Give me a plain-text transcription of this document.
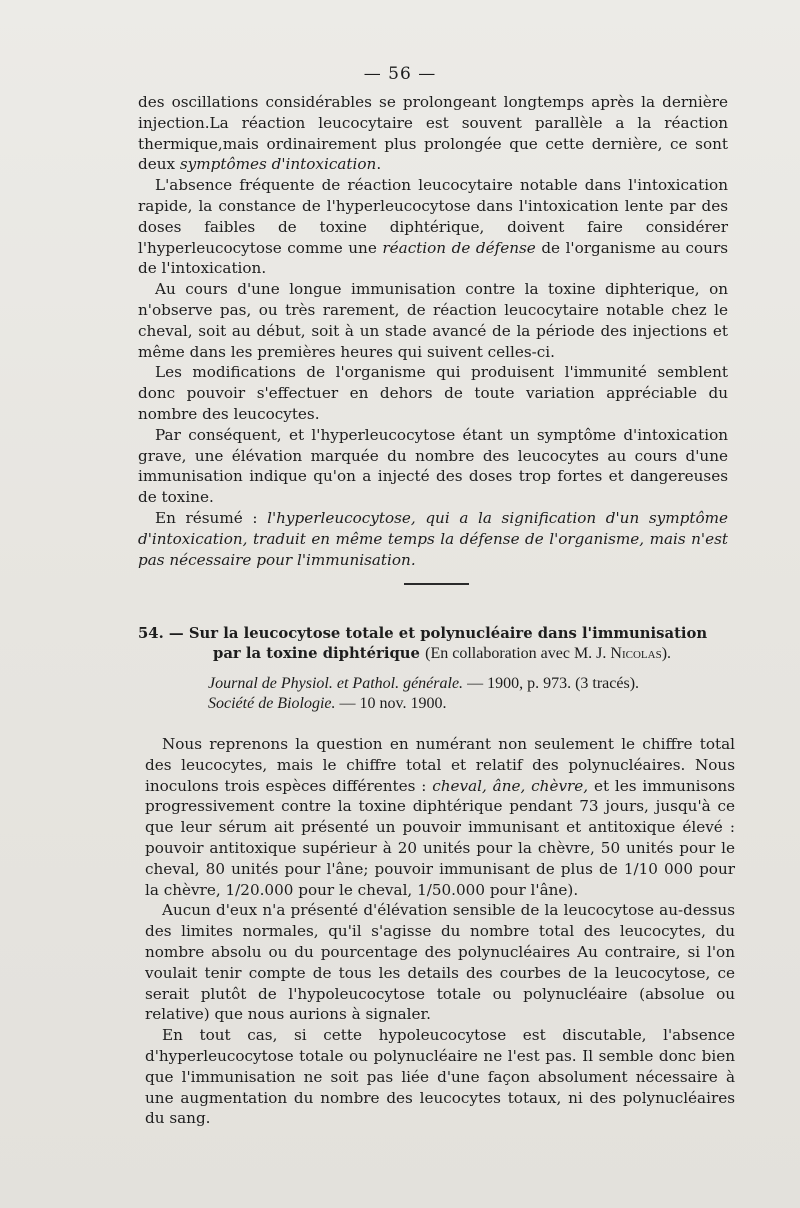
— 56 —

des oscillations considérables se prolongeant longtemps après la dernière injection.La réaction leucocytaire est souvent parallèle a la réaction thermique,mais ordinairement plus prolongée que cette dernière, ce sont deux symptômes d'intoxication.

L'absence fréquente de réaction leucocytaire notable dans l'intoxication rapide, la constance de l'hyperleucocytose dans l'intoxication lente par des doses faibles de toxine diphtérique, doivent faire considérer l'hyperleucocytose comme une réaction de défense de l'organisme au cours de l'intoxication.

Au cours d'une longue immunisation contre la toxine diphterique, on n'observe pas, ou très rarement, de réaction leucocytaire notable chez le cheval, soit au début, soit à un stade avancé de la période des injections et même dans les premières heures qui suivent celles-ci.

Les modifications de l'organisme qui produisent l'immunité semblent donc pouvoir s'effectuer en dehors de toute variation appréciable du nombre des leucocytes.

Par conséquent, et l'hyperleucocytose étant un symptôme d'intoxication grave, une élévation marquée du nombre des leucocytes au cours d'une immunisation indique qu'on a injecté des doses trop fortes et dangereuses de toxine.

En résumé : l'hyperleucocytose, qui a la signification d'un symptôme d'intoxication, traduit en même temps la défense de l'organisme, mais n'est pas nécessaire pour l'immunisation.

54. — Sur la leucocytose totale et polynucléaire dans l'immunisation par la toxine diphtérique (En collaboration avec M. J. Nicolas).
Journal de Physiol. et Pathol. générale. — 1900, p. 973. (3 tracés).
Société de Biologie. — 10 nov. 1900.

Nous reprenons la question en numérant non seulement le chiffre total des leucocytes, mais le chiffre total et relatif des polynucléaires. Nous inoculons trois espèces différentes : cheval, âne, chèvre, et les immunisons progressivement contre la toxine diphtérique pendant 73 jours, jusqu'à ce que leur sérum ait présenté un pouvoir immunisant et antitoxique élevé : pouvoir antitoxique supérieur à 20 unités pour la chèvre, 50 unités pour le cheval, 80 unités pour l'âne; pouvoir immunisant de plus de 1/10 000 pour la chèvre, 1/20.000 pour le cheval, 1/50.000 pour l'âne).

Aucun d'eux n'a présenté d'élévation sensible de la leucocytose au-dessus des limites normales, qu'il s'agisse du nombre total des leucocytes, du nombre absolu ou du pourcentage des polynucléaires Au contraire, si l'on voulait tenir compte de tous les details des courbes de la leucocytose, ce serait plutôt de l'hypoleucocytose totale ou polynucléaire (absolue ou relative) que nous aurions à signaler.

En tout cas, si cette hypoleucocytose est discutable, l'absence d'hyperleucocytose totale ou polynucléaire ne l'est pas. Il semble donc bien que l'immunisation ne soit pas liée d'une façon absolument nécessaire à une augmentation du nombre des leucocytes totaux, ni des polynucléaires du sang.
